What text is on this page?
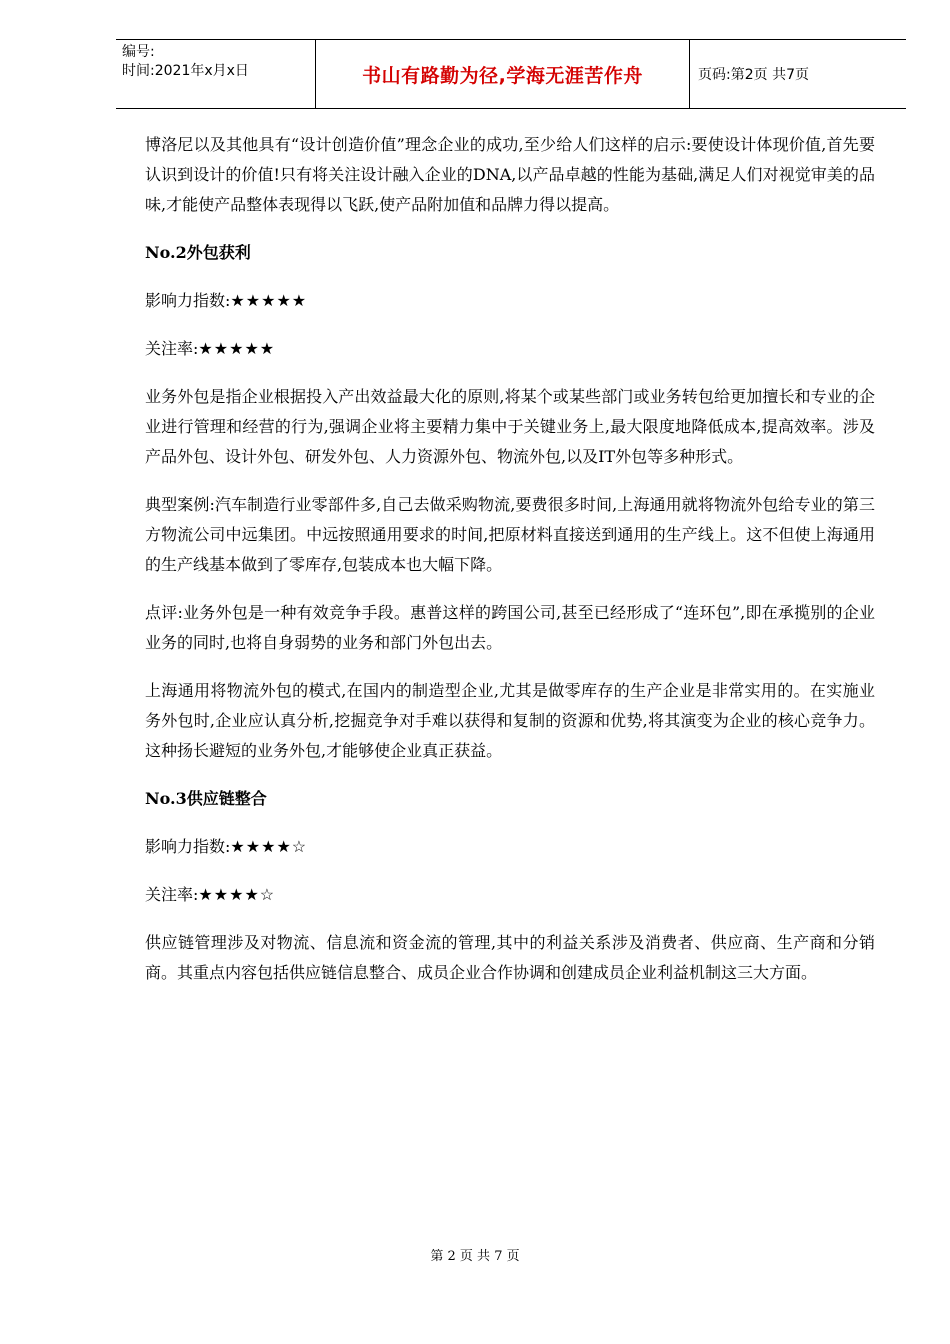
编号:
时间:2021年x月x日	书山有路勤为径,学海无涯苦作舟	页码:第2页 共7页

博洛尼以及其他具有“设计创造价值”理念企业的成功,至少给人们这样的启示:要使设计体现价值,首先要认识到设计的价值!只有将关注设计融入企业的DNA,以产品卓越的性能为基础,满足人们对视觉审美的品味,才能使产品整体表现得以飞跃,使产品附加值和品牌力得以提高。

No.2外包获利
影响力指数:★★★★★
关注率:★★★★★

业务外包是指企业根据投入产出效益最大化的原则,将某个或某些部门或业务转包给更加擅长和专业的企业进行管理和经营的行为,强调企业将主要精力集中于关键业务上,最大限度地降低成本,提高效率。涉及产品外包、设计外包、研发外包、人力资源外包、物流外包,以及IT外包等多种形式。

典型案例:汽车制造行业零部件多,自己去做采购物流,要费很多时间,上海通用就将物流外包给专业的第三方物流公司中远集团。中远按照通用要求的时间,把原材料直接送到通用的生产线上。这不但使上海通用的生产线基本做到了零库存,包装成本也大幅下降。

点评:业务外包是一种有效竞争手段。惠普这样的跨国公司,甚至已经形成了“连环包”,即在承揽别的企业业务的同时,也将自身弱势的业务和部门外包出去。

上海通用将物流外包的模式,在国内的制造型企业,尤其是做零库存的生产企业是非常实用的。在实施业务外包时,企业应认真分析,挖掘竞争对手难以获得和复制的资源和优势,将其演变为企业的核心竞争力。这种扬长避短的业务外包,才能够使企业真正获益。

No.3供应链整合
影响力指数:★★★★☆
关注率:★★★★☆

供应链管理涉及对物流、信息流和资金流的管理,其中的利益关系涉及消费者、供应商、生产商和分销商。其重点内容包括供应链信息整合、成员企业合作协调和创建成员企业利益机制这三大方面。

第 2 页 共 7 页
